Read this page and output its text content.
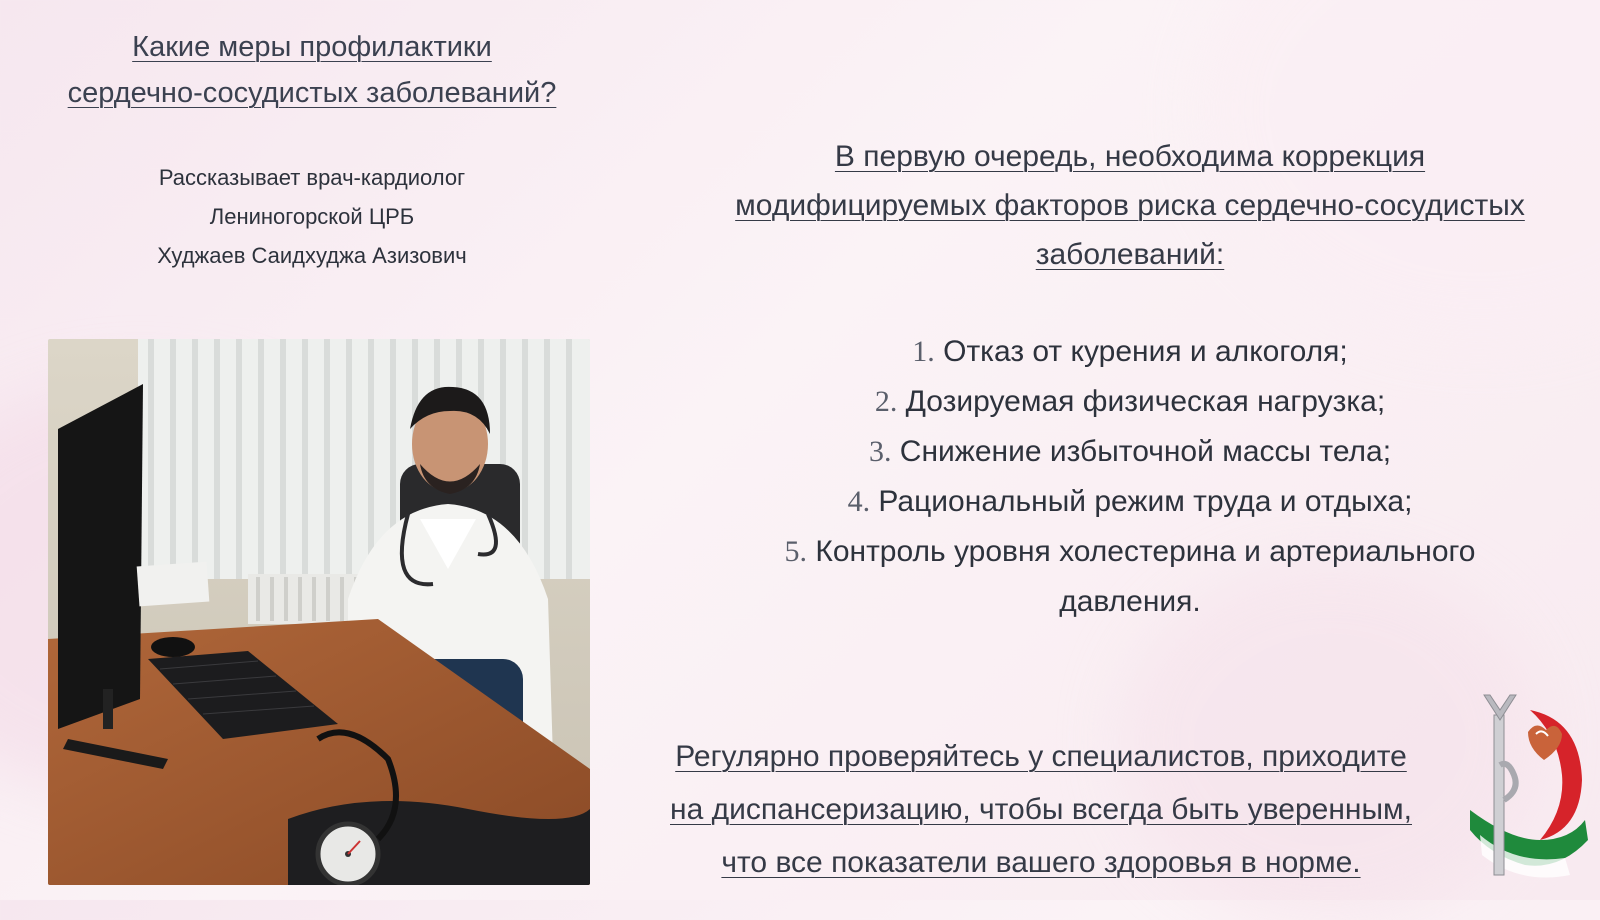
Какие меры профилактики
сердечно-сосудистых заболеваний?
Рассказывает врач-кардиолог
Лениногорской ЦРБ
Худжаев Саидхуджа Азизович
В первую очередь, необходима коррекция
модифицируемых факторов риска сердечно-сосудистых
заболеваний:
1. Отказ от курения и алкоголя;
2. Дозируемая физическая нагрузка;
3. Снижение избыточной массы тела;
4. Рациональный режим труда и отдыха;
5. Контроль уровня холестерина и артериального
давления.
Регулярно проверяйтесь у специалистов, приходите
на диспансеризацию, чтобы всегда быть уверенным,
что все показатели вашего здоровья в норме.
